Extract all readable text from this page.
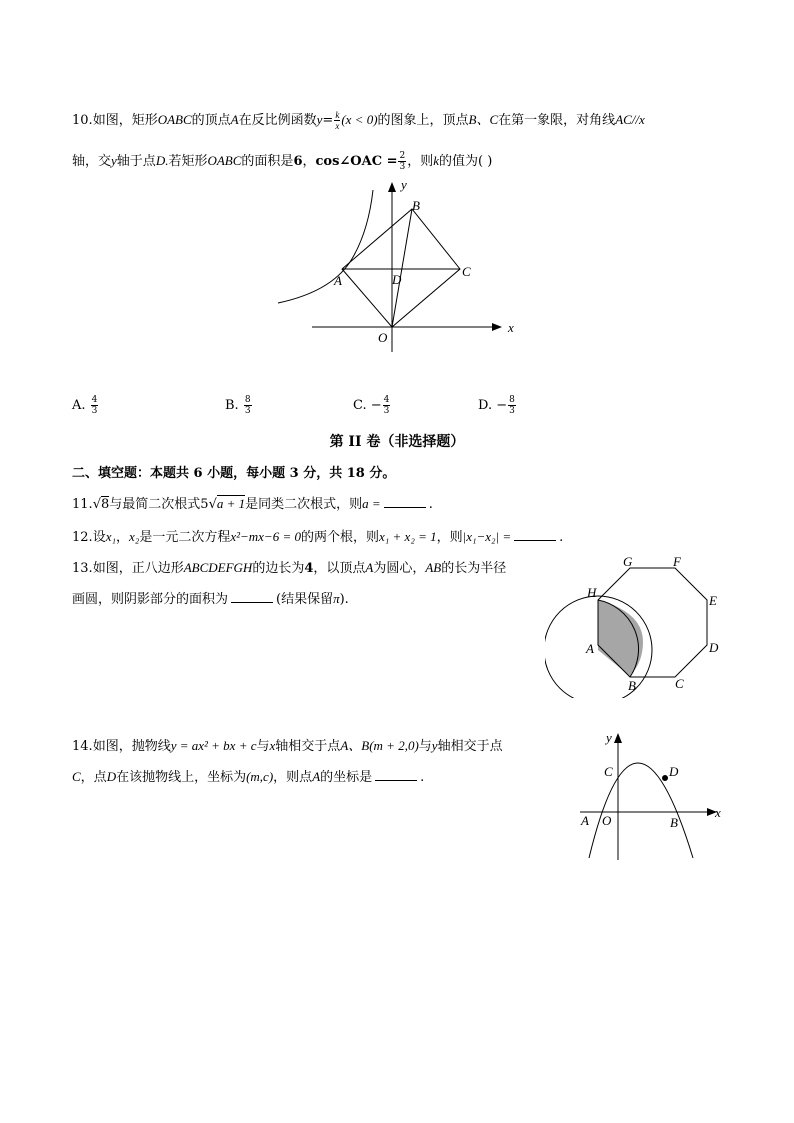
10.如图，矩形OABC的顶点A在反比例函数$y= \frac{k}{x} (x < 0)$的图象上，顶点B、C在第一象限，对角线AC//x
轴，交y轴于点D.若矩形OABC的面积是6，cos∠OAC = $\frac{2}{3}$ ，则k的值为( )
y
x
O
A
B
C
D
A. $\frac{4}{3}$	B. $\frac{8}{3}$	C. − $\frac{4}{3}$	D. − $\frac{8}{3}$
第 II 卷（非选择题）
二、填空题：本题共 6 小题，每小题 3 分，共 18 分。
11.√8与最简二次根式5√a + 1是同类二次根式，则a =	.
12.设x₁，x₂是一元二次方程x²−mx−6 = 0的两个根，则x₁ + x₂ = 1，则|x₁−x₂| =	.
13.如图，正八边形ABCDEFGH的边长为4，以顶点A为圆心，AB的长为半径
画圆，则阴影部分的面积为	(结果保留π).	H
G	F
E
D
C
B
A
14.如图，抛物线y = ax² + bx + c与x轴相交于点A、B(m + 2,0)与y轴相交于点
C，点D在该抛物线上，坐标为(m,c)，则点A的坐标是	.
y
x
C	D
A O	B
